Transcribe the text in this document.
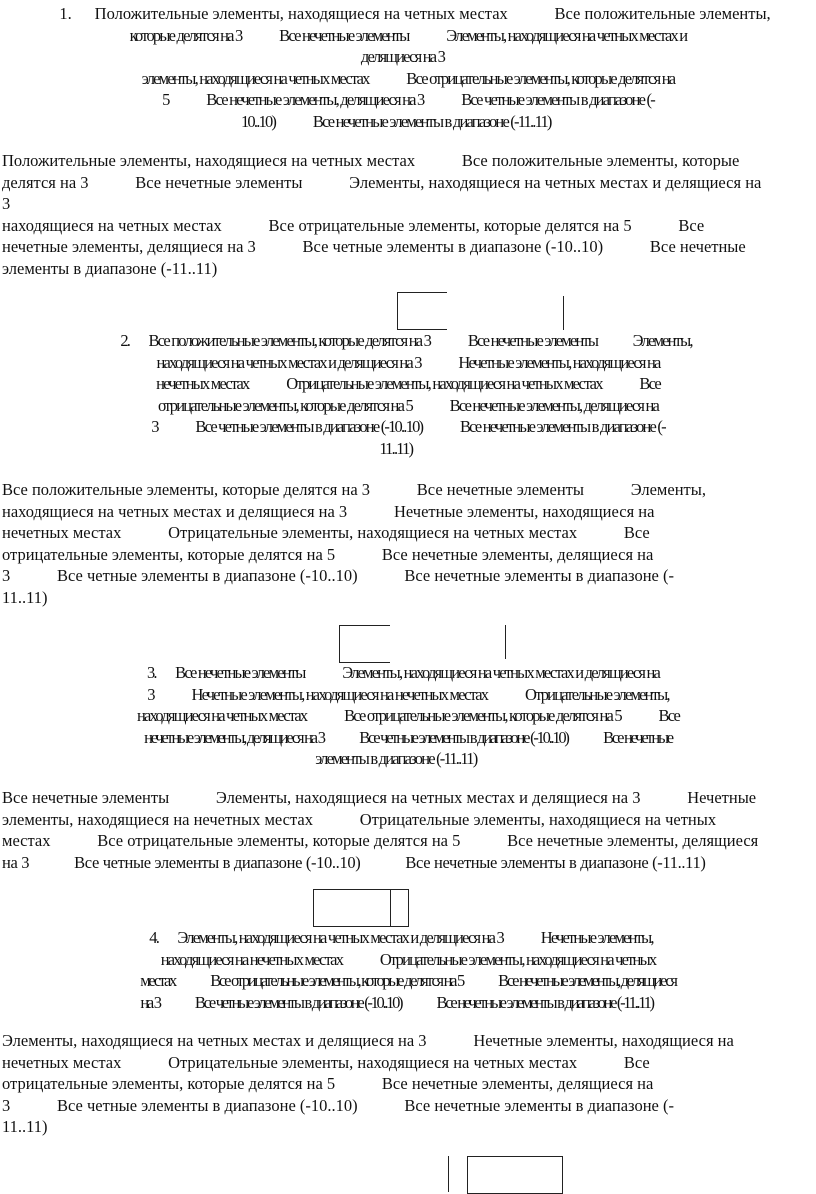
1. Положительные элементы, находящиеся на четных местах Все положительные элементы,
которые делятся на 3 Все нечетные элементы Элементы, находящиеся на четных местах и
делящиеся на 3
элементы, находящиеся на четных местах Все отрицательные элементы, которые делятся на
5 Все нечетные элементы, делящиеся на 3 Все четные элементы в диапазоне (-
10..10) Все нечетные элементы в диапазоне (-11..11)
Положительные элементы, находящиеся на четных местах Все положительные элементы, которые
делятся на 3 Все нечетные элементы Элементы, находящиеся на четных местах и делящиеся на
3
находящиеся на четных местах Все отрицательные элементы, которые делятся на 5 Все
нечетные элементы, делящиеся на 3 Все четные элементы в диапазоне (-10..10) Все нечетные
элементы в диапазоне (-11..11)
2.	Все положительные элементы, которые делятся на 3 Все нечетные элементы Элементы,
находящиеся на четных местах и делящиеся на 3 Нечетные элементы, находящиеся на
нечетных местах Отрицательные элементы, находящиеся на четных местах Все
отрицательные элементы, которые делятся на 5 Все нечетные элементы, делящиеся на
3 Все четные элементы в диапазоне (-10..10) Все нечетные элементы в диапазоне (-
11..11)
Все положительные элементы, которые делятся на 3 Все нечетные элементы Элементы,
находящиеся на четных местах и делящиеся на 3 Нечетные элементы, находящиеся на
нечетных местах Отрицательные элементы, находящиеся на четных местах Все
отрицательные элементы, которые делятся на 5 Все нечетные элементы, делящиеся на
3 Все четные элементы в диапазоне (-10..10) Все нечетные элементы в диапазоне (-
11..11)
3. Все нечетные элементы Элементы, находящиеся на четных местах и делящиеся на
3 Нечетные элементы, находящиеся на нечетных местах Отрицательные элементы,
находящиеся на четных местах Все отрицательные элементы, которые делятся на 5 Все
нечетные элементы, делящиеся на 3 Все четные элементы в диапазоне (-10..10) Все нечетные
элементы в диапазоне (-11..11)
Все нечетные элементы Элементы, находящиеся на четных местах и делящиеся на 3 Нечетные
элементы, находящиеся на нечетных местах Отрицательные элементы, находящиеся на четных
местах Все отрицательные элементы, которые делятся на 5 Все нечетные элементы, делящиеся
на 3 Все четные элементы в диапазоне (-10..10) Все нечетные элементы в диапазоне (-11..11)
4. Элементы, находящиеся на четных местах и делящиеся на 3 Нечетные элементы,
находящиеся на нечетных местах Отрицательные элементы, находящиеся на четных
местах Все отрицательные элементы, которые делятся на 5 Все нечетные элементы, делящиеся
на 3 Все четные элементы в диапазоне (-10..10) Все нечетные элементы в диапазоне (-11..11)
Элементы, находящиеся на четных местах и делящиеся на 3 Нечетные элементы, находящиеся на
нечетных местах Отрицательные элементы, находящиеся на четных местах Все
отрицательные элементы, которые делятся на 5 Все нечетные элементы, делящиеся на
3 Все четные элементы в диапазоне (-10..10) Все нечетные элементы в диапазоне (-
11..11)
